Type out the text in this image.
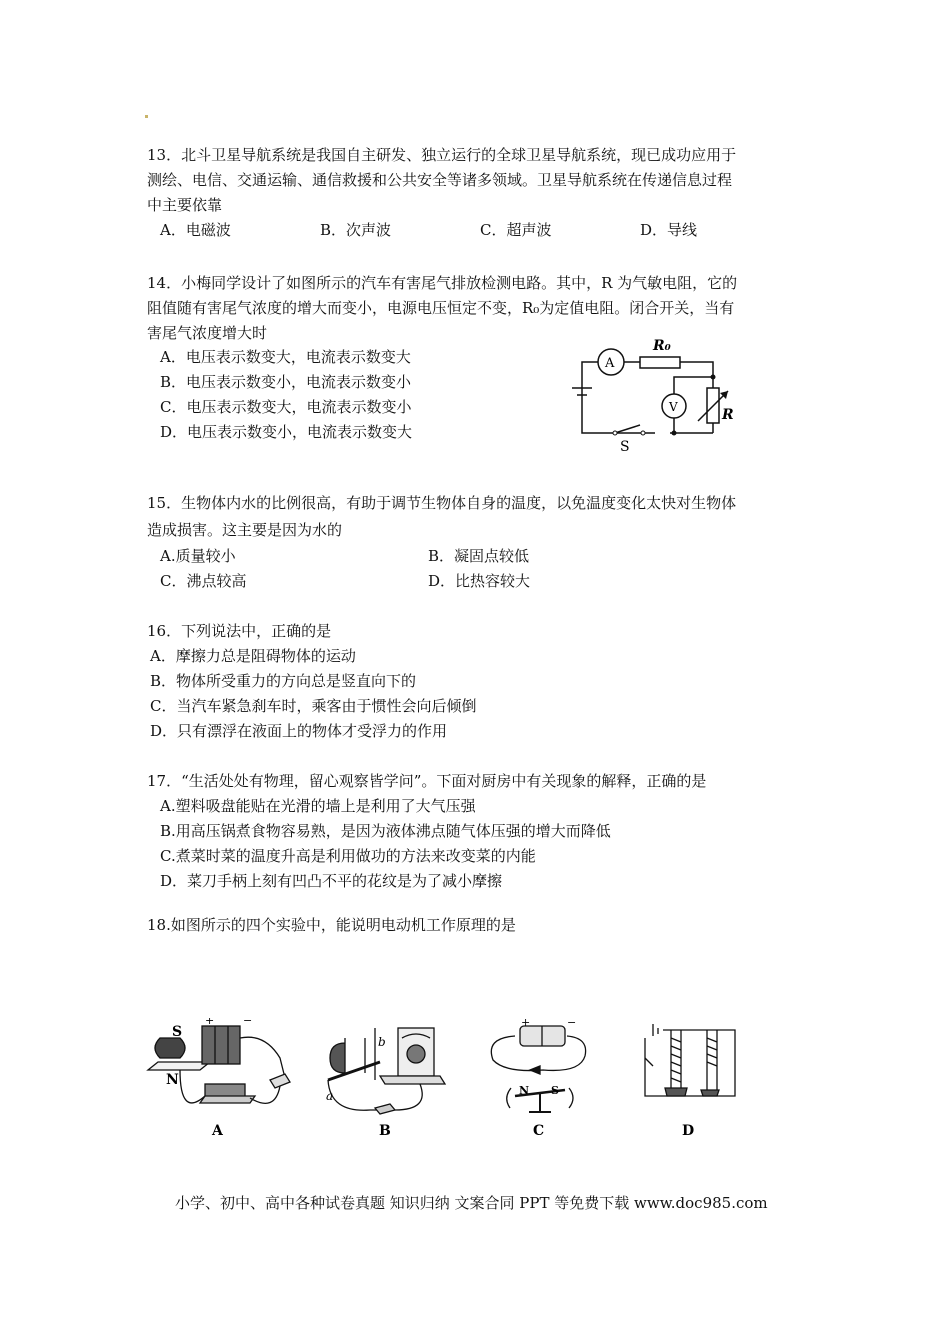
13．北斗卫星导航系统是我国自主研发、独立运行的全球卫星导航系统，现已成功应用于
测绘、电信、交通运输、通信救援和公共安全等诸多领域。卫星导航系统在传递信息过程
中主要依靠
A．电磁波	B．次声波	C．超声波	D．导线
14．小梅同学设计了如图所示的汽车有害尾气排放检测电路。其中，R 为气敏电阻，它的
阻值随有害尾气浓度的增大而变小，电源电压恒定不变，R₀为定值电阻。闭合开关，当有
害尾气浓度增大时
A．电压表示数变大，电流表示数变大
B．电压表示数变小，电流表示数变小
C．电压表示数变大，电流表示数变小
D．电压表示数变小，电流表示数变大
A
V
R₀
R
S
15．生物体内水的比例很高，有助于调节生物体自身的温度，以免温度变化太快对生物体
造成损害。这主要是因为水的
A.质量较小	B．凝固点较低
C．沸点较高	D．比热容较大
16．下列说法中，正确的是
A．摩擦力总是阻碍物体的运动
B．物体所受重力的方向总是竖直向下的
C．当汽车紧急刹车时，乘客由于惯性会向后倾倒
D．只有漂浮在液面上的物体才受浮力的作用
17．“生活处处有物理，留心观察皆学问”。下面对厨房中有关现象的解释，正确的是
A.塑料吸盘能贴在光滑的墙上是利用了大气压强
B.用高压锅煮食物容易熟，是因为液体沸点随气体压强的增大而降低
C.煮菜时菜的温度升高是利用做功的方法来改变菜的内能
D．菜刀手柄上刻有凹凸不平的花纹是为了减小摩擦
18.如图所示的四个实验中，能说明电动机工作原理的是
S
N
+	−
A
b
a
B
+	−
N S
C	D
小学、初中、高中各种试卷真题 知识归纳 文案合同 PPT 等免费下载 www.doc985.com
